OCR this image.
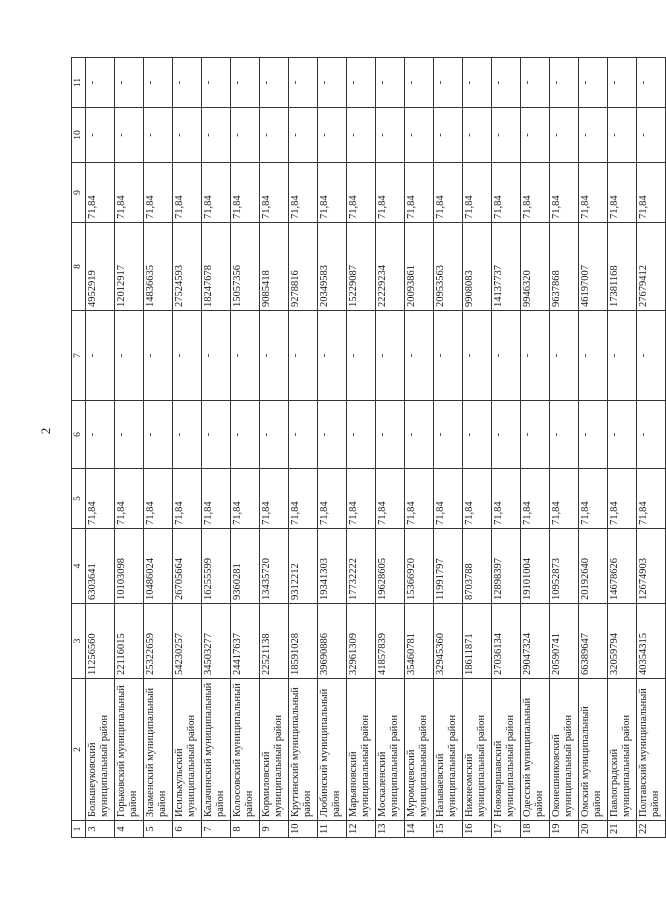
2
1	2	3	4	5	6	7	8	9	10	11
3	Большеуковский муниципальный район	11256560	6303641	71,84	-	-	4952919	71,84	-	-
4	Горьковский муниципальный район	22116015	10103098	71,84	-	-	12012917	71,84	-	-
5	Знаменский муниципальный район	25322659	10486024	71,84	-	-	14836635	71,84	-	-
6	Исилькульский муниципальный район	54230257	26705664	71,84	-	-	27524593	71,84	-	-
7	Калачинский муниципальный район	34503277	16255599	71,84	-	-	18247678	71,84	-	-
8	Колосовский муниципальный район	24417637	9360281	71,84	-	-	15057356	71,84	-	-
9	Кормиловский муниципальный район	22521138	13435720	71,84	-	-	9085418	71,84	-	-
10	Крутинский муниципальный район	18591028	9312212	71,84	-	-	9278816	71,84	-	-
11	Любинский муниципальный район	39690886	19341303	71,84	-	-	20349583	71,84	-	-
12	Марьяновский муниципальный район	32961309	17732222	71,84	-	-	15229087	71,84	-	-
13	Москаленский муниципальный район	41857839	19628605	71,84	-	-	22229234	71,84	-	-
14	Муромцевский муниципальный район	35460781	15366920	71,84	-	-	20093861	71,84	-	-
15	Называевский муниципальный район	32945360	11991797	71,84	-	-	20953563	71,84	-	-
16	Нижнеомский муниципальный район	18611871	8703788	71,84	-	-	9908083	71,84	-	-
17	Нововаршавский муниципальный район	27036134	12898397	71,84	-	-	14137737	71,84	-	-
18	Одесский муниципальный район	29047324	19101004	71,84	-	-	9946320	71,84	-	-
19	Оконешниковский муниципальный район	20590741	10952873	71,84	-	-	9637868	71,84	-	-
20	Омский муниципальный район	66389647	20192640	71,84	-	-	46197007	71,84	-	-
21	Павлоградский муниципальный район	32059794	14678626	71,84	-	-	17381168	71,84	-	-
22	Полтавский муниципальный район	40354315	12674903	71,84	-	-	27679412	71,84	-	-
